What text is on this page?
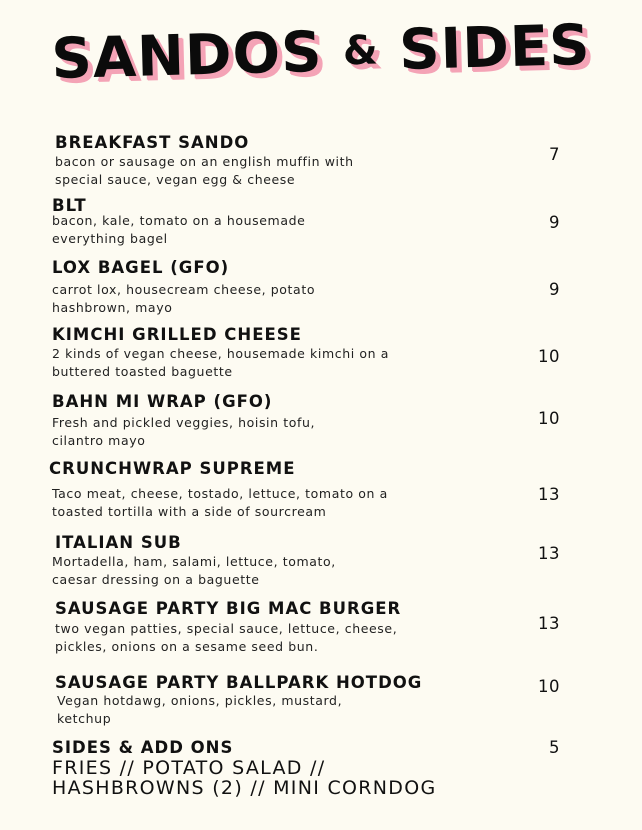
SANDOS & SIDES
BREAKFAST SANDO
bacon or sausage on an english muffin with special sauce, vegan egg & cheese
7
BLT
bacon, kale, tomato on a housemade everything bagel
9
LOX BAGEL (GFO)
carrot lox, housecream cheese, potato hashbrown, mayo
9
KIMCHI GRILLED CHEESE
2 kinds of vegan cheese, housemade kimchi on a buttered toasted baguette
10
BAHN MI WRAP (GFO)
Fresh and pickled veggies, hoisin tofu, cilantro mayo
10
CRUNCHWRAP SUPREME
Taco meat, cheese, tostado, lettuce, tomato on a toasted tortilla with a side of sourcream
13
ITALIAN SUB
Mortadella, ham, salami, lettuce, tomato, caesar dressing on a baguette
13
SAUSAGE PARTY BIG MAC BURGER
two vegan patties, special sauce, lettuce, cheese, pickles, onions on a sesame seed bun.
13
SAUSAGE PARTY BALLPARK HOTDOG
Vegan hotdawg, onions, pickles, mustard, ketchup
10
SIDES & ADD ONS	5
FRIES // POTATO SALAD //
HASHBROWNS (2) // MINI CORNDOG
